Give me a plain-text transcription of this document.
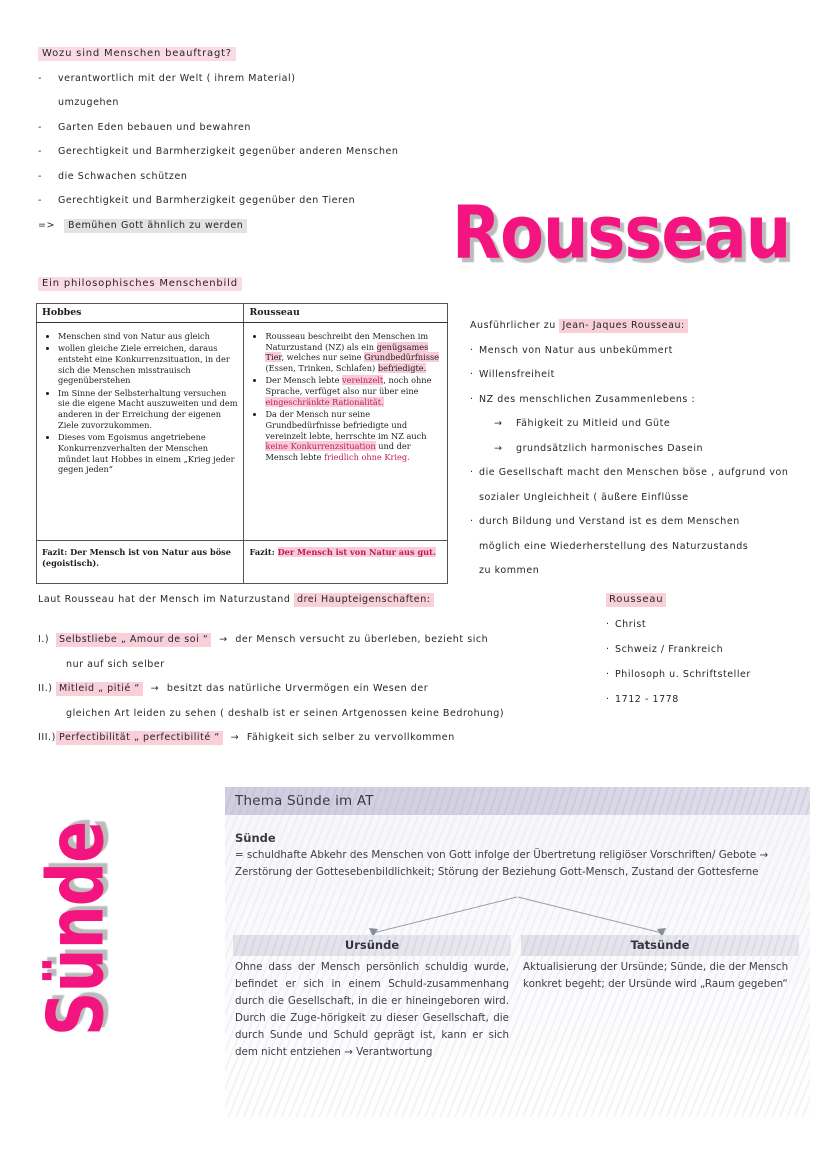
Wozu sind Menschen beauftragt?
- verantwortlich mit der Welt ( ihrem Material)
umzugehen
- Garten Eden bebauen und bewahren
- Gerechtigkeit und Barmherzigkeit gegenüber anderen Menschen
- die Schwachen schützen
- Gerechtigkeit und Barmherzigkeit gegenüber den Tieren
=> Bemühen Gott ähnlich zu werden	Rousseau
Ein philosophisches Menschenbild
Hobbes	Rousseau

• Menschen sind von Natur aus gleich
• wollen gleiche Ziele erreichen, daraus entsteht eine Konkurrenzsituation, in der sich die Menschen misstrauisch gegenüberstehen
• Im Sinne der Selbsterhaltung versuchen sie die eigene Macht auszuweiten und dem anderen in der Erreichung der eigenen Ziele zuvorzukommen.
• Dieses vom Egoismus angetriebene Konkurrenzverhalten der Menschen mündet laut Hobbes in einem „Krieg jeder gegen jeden“

• Rousseau beschreibt den Menschen im Naturzustand (NZ) als ein genügsames Tier, welches nur seine Grundbedürfnisse (Essen, Trinken, Schlafen) befriedigte.
• Der Mensch lebte vereinzelt, noch ohne Sprache, verfüget also nur über eine eingeschränkte Rationalität.
• Da der Mensch nur seine Grundbedürfnisse befriedigte und vereinzelt lebte, herrschte im NZ auch keine Konkurrenzsituation und der Mensch lebte friedlich ohne Krieg.

Fazit: Der Mensch ist von Natur aus böse (egoistisch).	Fazit: Der Mensch ist von Natur aus gut.
Ausführlicher zu Jean- Jaques Rousseau:
· Mensch von Natur aus unbekümmert
· Willensfreiheit
· NZ des menschlichen Zusammenlebens :
→ Fähigkeit zu Mitleid und Güte
→ grundsätzlich harmonisches Dasein
· die Gesellschaft macht den Menschen böse , aufgrund von
sozialer Ungleichheit ( äußere Einflüsse
· durch Bildung und Verstand ist es dem Menschen
möglich eine Wiederherstellung des Naturzustands
zu kommen
Laut Rousseau hat der Mensch im Naturzustand drei Haupteigenschaften:
I.) Selbstliebe „ Amour de soi “ → der Mensch versucht zu überleben, bezieht sich
nur auf sich selber
II.) Mitleid „ pitié “ → besitzt das natürliche Urvermögen ein Wesen der
gleichen Art leiden zu sehen ( deshalb ist er seinen Artgenossen keine Bedrohung)
III.) Perfectibilität „ perfectibilité “ → Fähigkeit sich selber zu vervollkommen
Rousseau
· Christ
· Schweiz / Frankreich
· Philosoph u. Schriftsteller
· 1712 - 1778
Sünde
Thema Sünde im AT
Sünde
= schuldhafte Abkehr des Menschen von Gott infolge der Übertretung religiöser Vorschriften/ Gebote → Zerstörung der Gottesebenbildlichkeit; Störung der Beziehung Gott-Mensch, Zustand der Gottesferne
Ursünde
Ohne dass der Mensch persönlich schuldig wurde, befindet er sich in einem Schuld-zusammenhang durch die Gesellschaft, in die er hineingeboren wird. Durch die Zuge-hörigkeit zu dieser Gesellschaft, die durch Sunde und Schuld geprägt ist, kann er sich dem nicht entziehen → Verantwortung
Tatsünde
Aktualisierung der Ursünde; Sünde, die der Mensch konkret begeht; der Ursünde wird „Raum gegeben“
